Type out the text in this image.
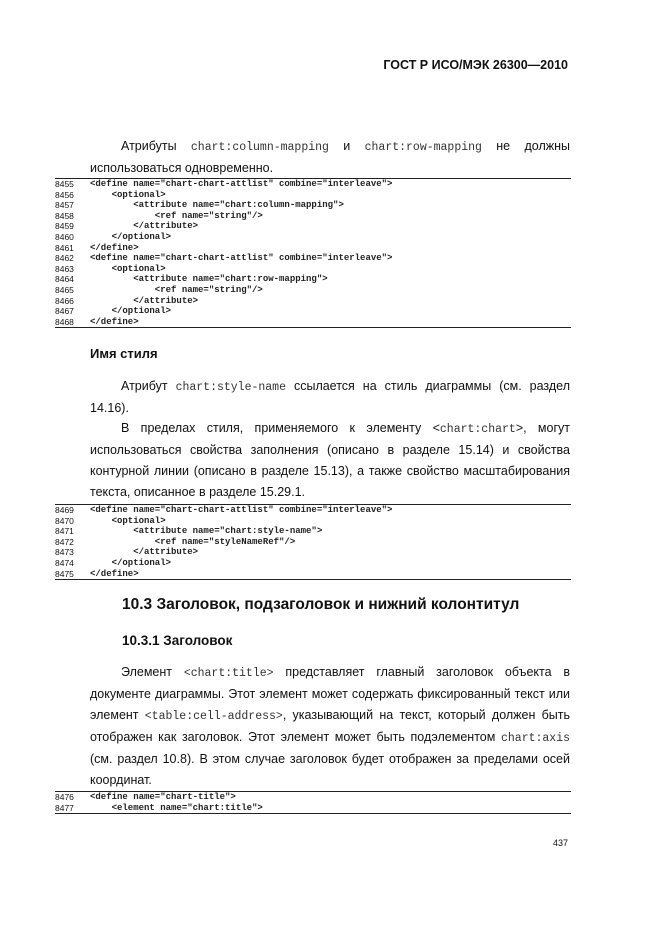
ГОСТ Р ИСО/МЭК 26300—2010
Атрибуты chart:column-mapping и chart:row-mapping не должны использоваться одновременно.
8455	<define name="chart-chart-attlist" combine="interleave">
8456	<optional>
8457	<attribute name="chart:column-mapping">
8458	<ref name="string"/>
8459	</attribute>
8460	</optional>
8461	</define>
8462	<define name="chart-chart-attlist" combine="interleave">
8463	<optional>
8464	<attribute name="chart:row-mapping">
8465	<ref name="string"/>
8466	</attribute>
8467	</optional>
8468	</define>
Имя стиля
Атрибут chart:style-name ссылается на стиль диаграммы (см. раздел 14.16).
В пределах стиля, применяемого к элементу <chart:chart>, могут использоваться свойства заполнения (описано в разделе 15.14) и свойства контурной линии (описано в разделе 15.13), а также свойство масштабирования текста, описанное в разделе 15.29.1.
8469	<define name="chart-chart-attlist" combine="interleave">
8470	<optional>
8471	<attribute name="chart:style-name">
8472	<ref name="styleNameRef"/>
8473	</attribute>
8474	</optional>
8475	</define>
10.3 Заголовок, подзаголовок и нижний колонтитул
10.3.1 Заголовок
Элемент <chart:title> представляет главный заголовок объекта в документе диаграммы. Этот элемент может содержать фиксированный текст или элемент <table:cell-address>, указывающий на текст, который должен быть отображен как заголовок. Этот элемент может быть подэлементом chart:axis (см. раздел 10.8). В этом случае заголовок будет отображен за пределами осей координат.
8476	<define name="chart-title">
8477	<element name="chart:title">
437
